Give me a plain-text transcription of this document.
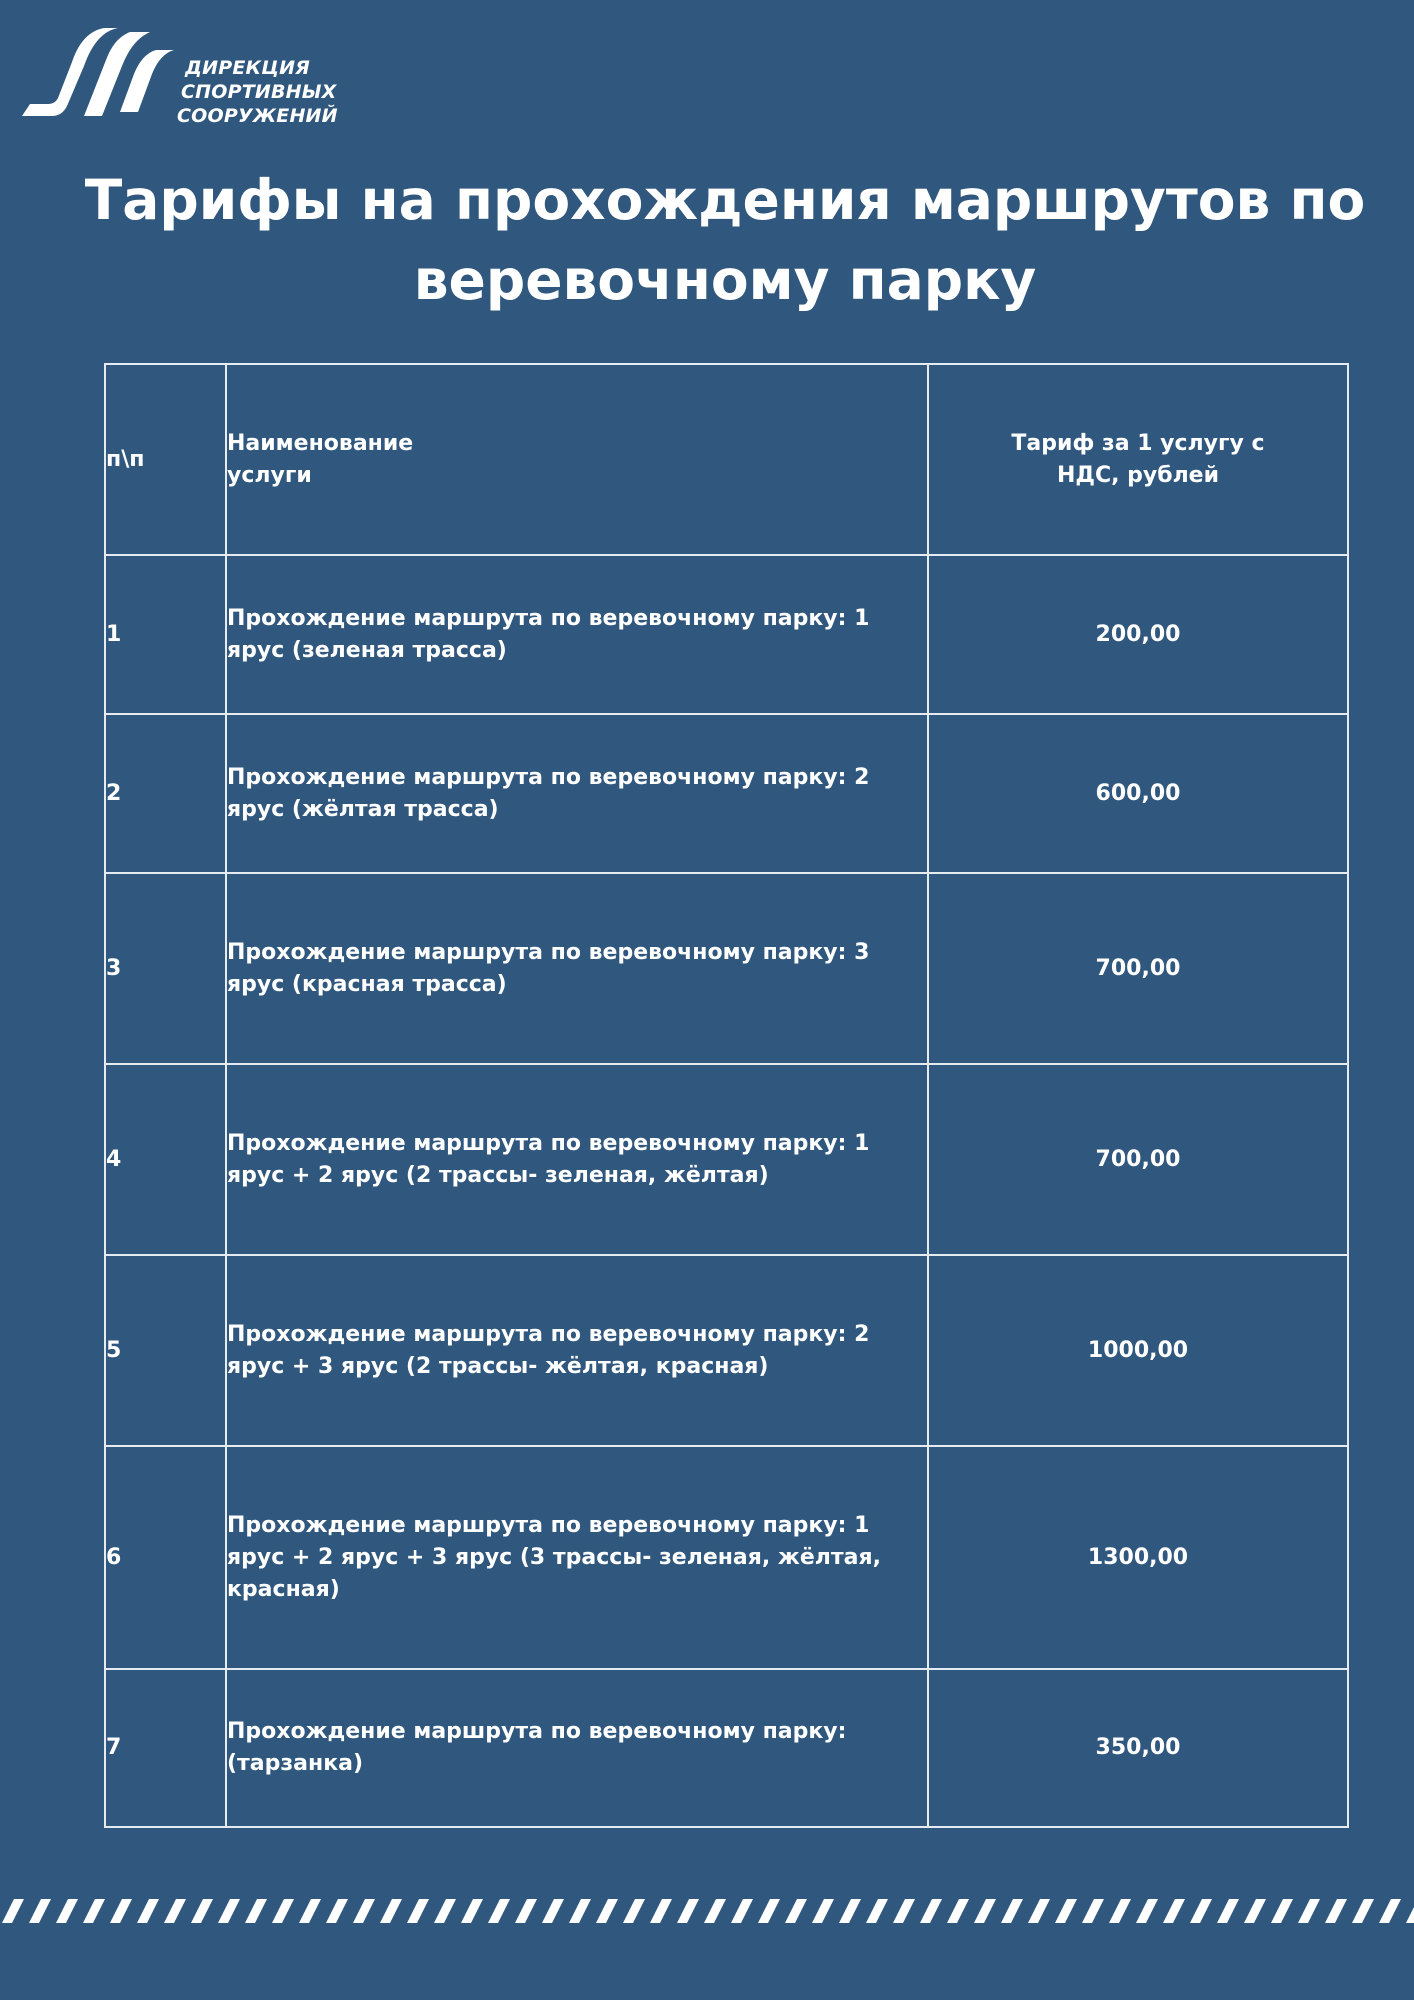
ДИРЕКЦИЯ
СПОРТИВНЫХ
СООРУЖЕНИЙ
Тарифы на прохождения маршрутов по веревочному парку
п\п	Наименование услуги	Тариф за 1 услугу с НДС, рублей

1	Прохождение маршрута по веревочному парку: 1 ярус (зеленая трасса)	200,00
2	Прохождение маршрута по веревочному парку: 2 ярус (жёлтая трасса)	600,00
3	Прохождение маршрута по веревочному парку: 3 ярус (красная трасса)	700,00
4	Прохождение маршрута по веревочному парку: 1 ярус + 2 ярус (2 трассы- зеленая, жёлтая)	700,00
5	Прохождение маршрута по веревочному парку: 2 ярус + 3 ярус (2 трассы- жёлтая, красная)	1000,00
6	Прохождение маршрута по веревочному парку: 1 ярус + 2 ярус + 3 ярус (3 трассы- зеленая, жёлтая, красная)	1300,00
7	Прохождение маршрута по веревочному парку: (тарзанка)	350,00
